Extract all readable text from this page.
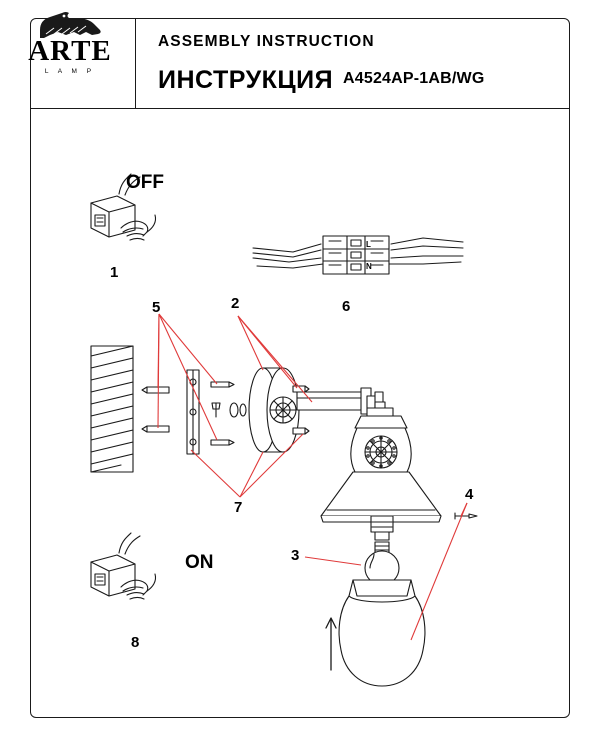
ARTE
L A M P
ASSEMBLY INSTRUCTION
ИНСТРУКЦИЯ A4524AP-1AB/WG
OFF
ON
1
2
3
4
5	6
7
8
L
N
